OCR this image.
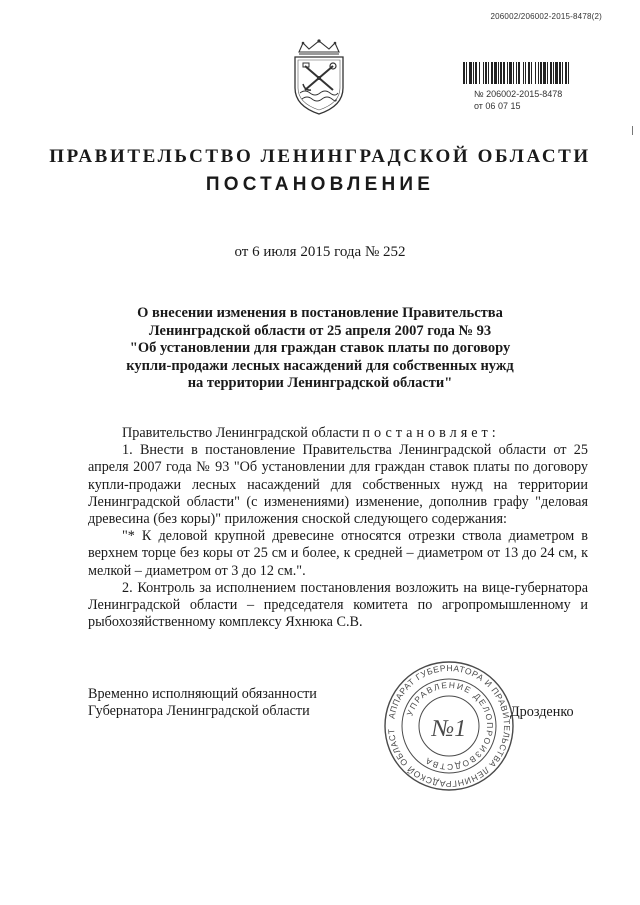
206002/206002-2015-8478(2)
№ 206002-2015-8478
от 06 07 15
ПРАВИТЕЛЬСТВО ЛЕНИНГРАДСКОЙ ОБЛАСТИ
ПОСТАНОВЛЕНИЕ
от 6 июля 2015 года № 252
О внесении изменения в постановление Правительства
Ленинградской области от 25 апреля 2007 года № 93
"Об установлении для граждан ставок платы по договору
купли-продажи лесных насаждений для собственных нужд
на территории Ленинградской области"

Правительство Ленинградской области постановляет:

1. Внести в постановление Правительства Ленинградской области от 25 апреля 2007 года № 93 "Об установлении для граждан ставок платы по договору купли-продажи лесных насаждений для собственных нужд на территории Ленинградской области" (с изменениями) изменение, дополнив графу "деловая древесина (без коры)" приложения сноской следующего содержания:

"* К деловой крупной древесине относятся отрезки ствола диаметром в верхнем торце без коры от 25 см и более, к средней – диаметром от 13 до 24 см, к мелкой – диаметром от 3 до 12 см.".

2. Контроль за исполнением постановления возложить на вице-губернатора Ленинградской области – председателя комитета по агропромышленному и рыбохозяйственному комплексу Яхнюка С.В.

Временно исполняющий обязанности
Губернатора Ленинградской области	АППАРАТ ГУБЕРНАТОРА И ПРАВИТЕЛЬСТВА ЛЕНИНГРАДСКОЙ ОБЛАСТ
УПРАВЛЕНИЕ ДЕЛОПРОИЗВОДСТВА
№1
Дрозденко
